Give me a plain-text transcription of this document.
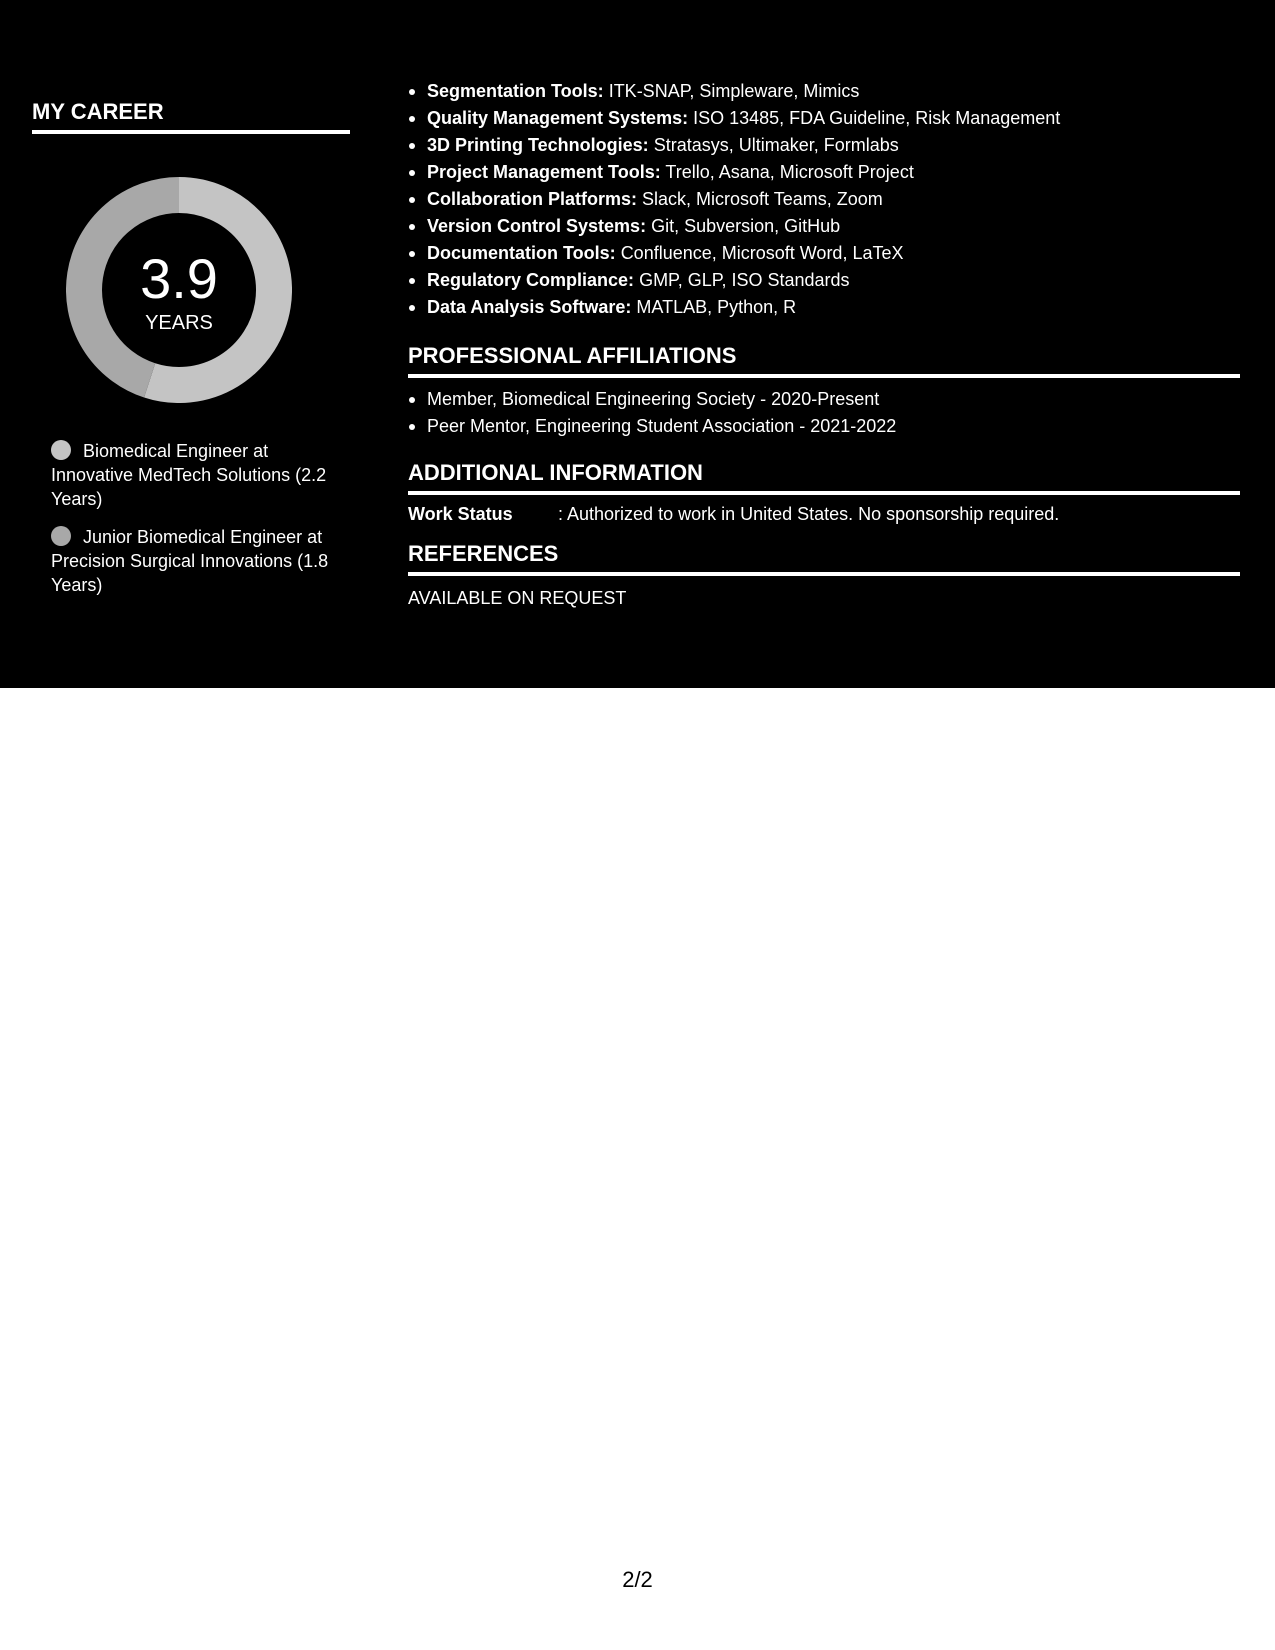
MY CAREER
3.9
YEARS
Biomedical Engineer at Innovative MedTech Solutions (2.2 Years)
Junior Biomedical Engineer at Precision Surgical Innovations (1.8 Years)
Segmentation Tools: ITK-SNAP, Simpleware, Mimics
Quality Management Systems: ISO 13485, FDA Guideline, Risk Management
3D Printing Technologies: Stratasys, Ultimaker, Formlabs
Project Management Tools: Trello, Asana, Microsoft Project
Collaboration Platforms: Slack, Microsoft Teams, Zoom
Version Control Systems: Git, Subversion, GitHub
Documentation Tools: Confluence, Microsoft Word, LaTeX
Regulatory Compliance: GMP, GLP, ISO Standards
Data Analysis Software: MATLAB, Python, R
PROFESSIONAL AFFILIATIONS
Member, Biomedical Engineering Society - 2020-Present
Peer Mentor, Engineering Student Association - 2021-2022
ADDITIONAL INFORMATION
Work Status	: Authorized to work in United States. No sponsorship required.
REFERENCES
AVAILABLE ON REQUEST
2/2
